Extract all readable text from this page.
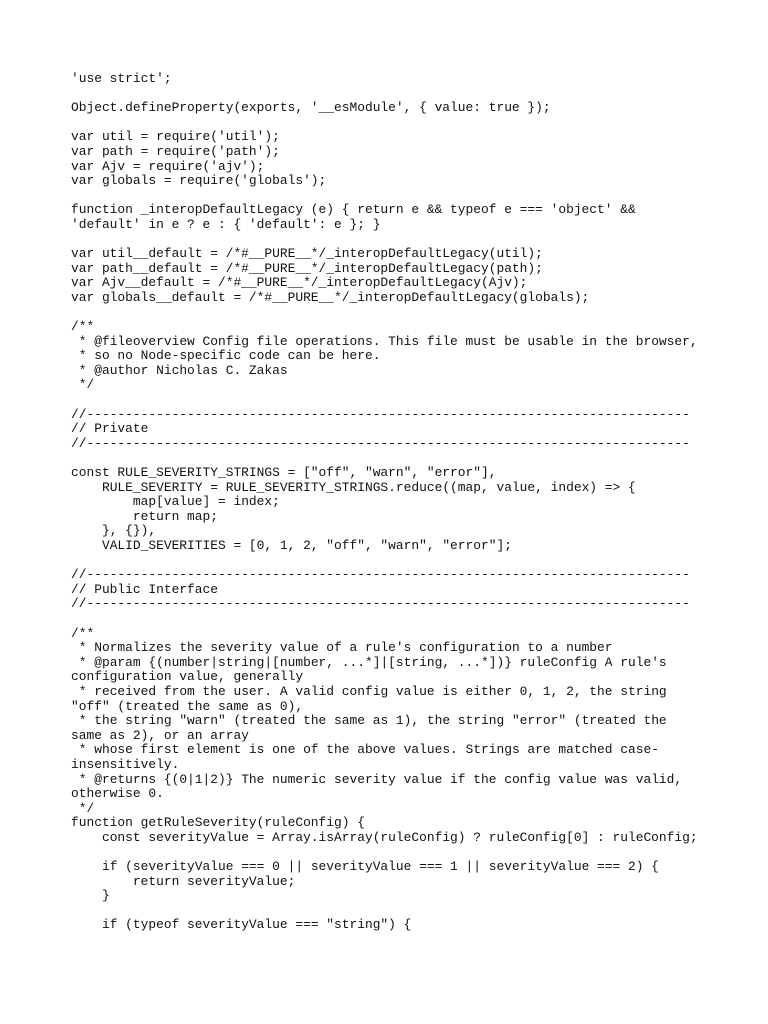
'use strict';
Object.defineProperty(exports, '__esModule', { value: true });
var util = require('util');
var path = require('path');
var Ajv = require('ajv');
var globals = require('globals');
function _interopDefaultLegacy (e) { return e && typeof e === 'object' && 'default' in e ? e : { 'default': e }; }
var util__default = /*#__PURE__*/_interopDefaultLegacy(util);
var path__default = /*#__PURE__*/_interopDefaultLegacy(path);
var Ajv__default = /*#__PURE__*/_interopDefaultLegacy(Ajv);
var globals__default = /*#__PURE__*/_interopDefaultLegacy(globals);
/**
* @fileoverview Config file operations. This file must be usable in the browser,
* so no Node-specific code can be here.
* @author Nicholas C. Zakas
*/
//------------------------------------------------------------------------------
// Private
//------------------------------------------------------------------------------
const RULE_SEVERITY_STRINGS = ["off", "warn", "error"],
RULE_SEVERITY = RULE_SEVERITY_STRINGS.reduce((map, value, index) => {
map[value] = index;
return map;
}, {}),
VALID_SEVERITIES = [0, 1, 2, "off", "warn", "error"];
//------------------------------------------------------------------------------
// Public Interface
//------------------------------------------------------------------------------
/**
* Normalizes the severity value of a rule's configuration to a number
* @param {(number|string|[number, ...*]|[string, ...*])} ruleConfig A rule's configuration value, generally
* received from the user. A valid config value is either 0, 1, 2, the string "off" (treated the same as 0),
* the string "warn" (treated the same as 1), the string "error" (treated the same as 2), or an array
* whose first element is one of the above values. Strings are matched case-insensitively.
* @returns {(0|1|2)} The numeric severity value if the config value was valid, otherwise 0.
*/
function getRuleSeverity(ruleConfig) {
const severityValue = Array.isArray(ruleConfig) ? ruleConfig[0] : ruleConfig;
if (severityValue === 0 || severityValue === 1 || severityValue === 2) {
return severityValue;
}
if (typeof severityValue === "string") {
